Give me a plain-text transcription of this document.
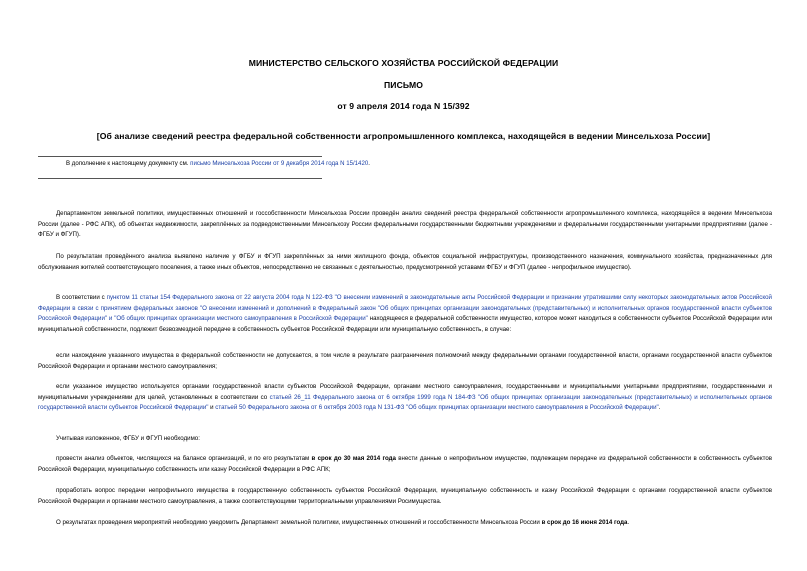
МИНИСТЕРСТВО СЕЛЬСКОГО ХОЗЯЙСТВА РОССИЙСКОЙ ФЕДЕРАЦИИ
ПИСЬМО
от 9 апреля 2014 года N 15/392
[Об анализе сведений реестра федеральной собственности агропромышленного комплекса, находящейся в ведении Минсельхоза России]
В дополнение к настоящему документу см. письмо Минсельхоза России от 9 декабря 2014 года N 15/1420.

Департаментом земельной политики, имущественных отношений и госсобственности Минсельхоза России проведён анализ сведений реестра федеральной собственности агропромышленного комплекса, находящейся в ведении Минсельхоза России (далее - РФС АПК), об объектах недвижимости, закреплённых за подведомственными Минсельхозу России федеральными государственными бюджетными учреждениями и федеральными государственными унитарными предприятиями (далее - ФГБУ и ФГУП).

По результатам проведённого анализа выявлено наличие у ФГБУ и ФГУП закреплённых за ними жилищного фонда, объектов социальной инфраструктуры, производственного назначения, коммунального хозяйства, предназначенных для обслуживания жителей соответствующего поселения, а также иных объектов, непосредственно не связанных с деятельностью, предусмотренной уставами ФГБУ и ФГУП (далее - непрофильное имущество).

В соответствии с пунктом 11 статьи 154 Федерального закона от 22 августа 2004 года N 122-ФЗ "О внесении изменений в законодательные акты Российской Федерации и признании утратившими силу некоторых законодательных актов Российской Федерации в связи с принятием федеральных законов "О внесении изменений и дополнений в Федеральный закон "Об общих принципах организации законодательных (представительных) и исполнительных органов государственной власти субъектов Российской Федерации" и "Об общих принципах организации местного самоуправления в Российской Федерации" находящееся в федеральной собственности имущество, которое может находиться в собственности субъектов Российской Федерации или муниципальной собственности, подлежит безвозмездной передаче в собственность субъектов Российской Федерации или муниципальную собственность, в случае:

если нахождение указанного имущества в федеральной собственности не допускается, в том числе в результате разграничения полномочий между федеральными органами государственной власти, органами государственной власти субъектов Российской Федерации и органами местного самоуправления;

если указанное имущество используется органами государственной власти субъектов Российской Федерации, органами местного самоуправления, государственными и муниципальными унитарными предприятиями, государственными и муниципальными учреждениями для целей, установленных в соответствии со статьей 26_11 Федерального закона от 6 октября 1999 года N 184-ФЗ "Об общих принципах организации законодательных (представительных) и исполнительных органов государственной власти субъектов Российской Федерации" и статьей 50 Федерального закона от 6 октября 2003 года N 131-ФЗ "Об общих принципах организации местного самоуправления в Российской Федерации".

Учитывая изложенное, ФГБУ и ФГУП необходимо:

провести анализ объектов, числящихся на балансе организаций, и по его результатам в срок до 30 мая 2014 года внести данные о непрофильном имуществе, подлежащем передаче из федеральной собственности в собственность субъектов Российской Федерации, муниципальную собственность или казну Российской Федерации в РФС АПК;

проработать вопрос передачи непрофильного имущества в государственную собственность субъектов Российской Федерации, муниципальную собственность и казну Российской Федерации с органами государственной власти субъектов Российской Федерации и органами местного самоуправления, а также соответствующими территориальными управлениями Росимущества.

О результатах проведения мероприятий необходимо уведомить Департамент земельной политики, имущественных отношений и госсобственности Минсельхоза России в срок до 16 июня 2014 года.
